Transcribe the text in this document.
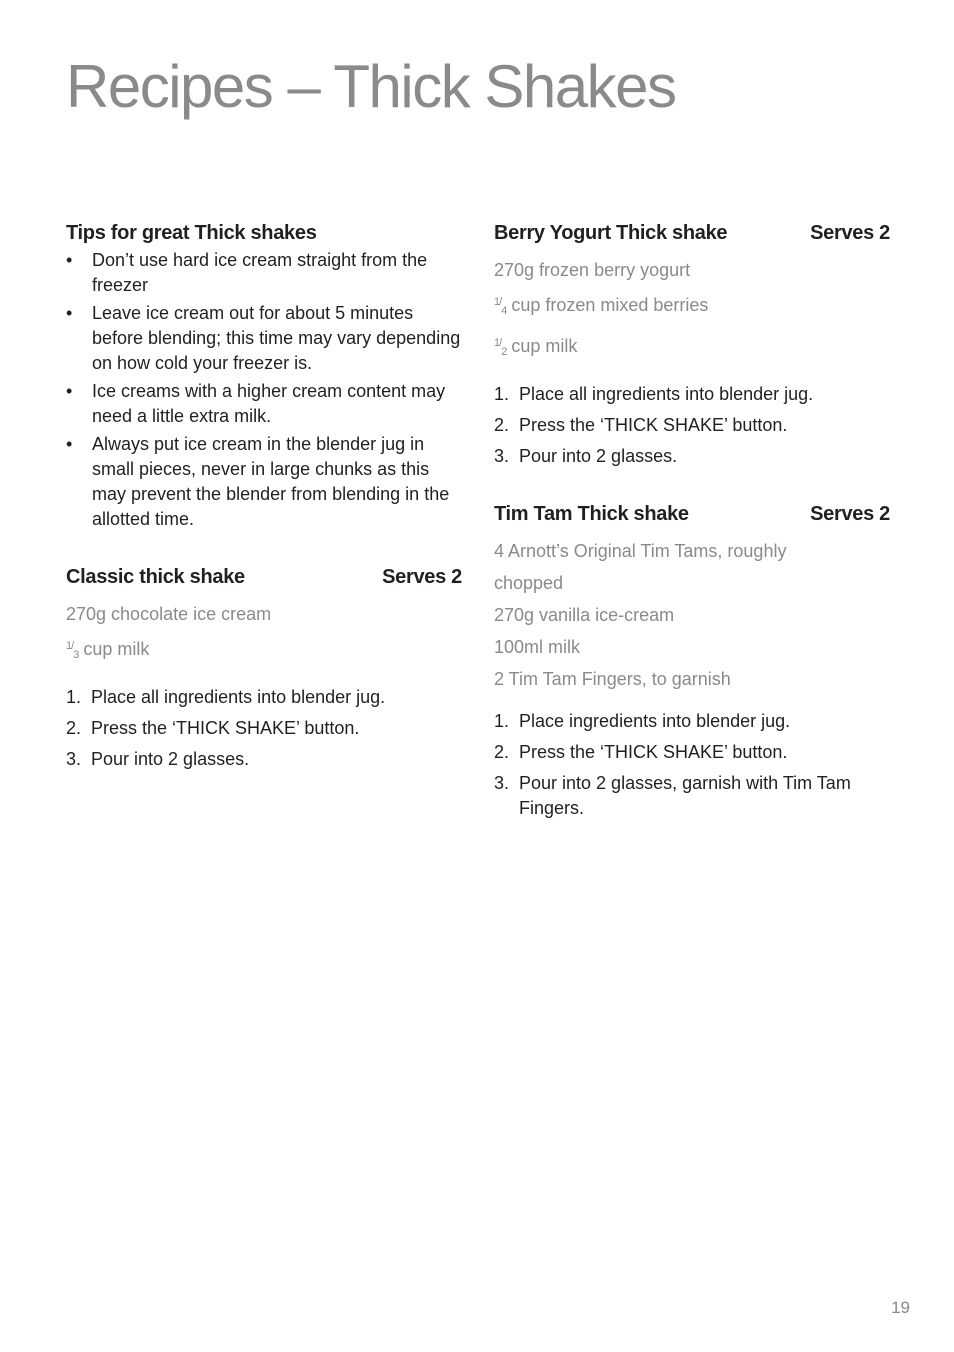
Recipes – Thick Shakes
Tips for great Thick shakes
• Don’t use hard ice cream straight from the freezer
• Leave ice cream out for about 5 minutes before blending; this time may vary depending on how cold your freezer is.
• Ice creams with a higher cream content may need a little extra milk.
• Always put ice cream in the blender jug in small pieces, never in large chunks as this may prevent the blender from blending in the allotted time.
Classic thick shake	Serves 2
270g chocolate ice cream
$^{1/3}$ cup milk
1. Place all ingredients into blender jug.
2. Press the ‘THICK SHAKE’ button.
3. Pour into 2 glasses.
Berry Yogurt Thick shake	Serves 2
270g frozen berry yogurt
$^{1/4}$ cup frozen mixed berries
$^{1/2}$ cup milk
1. Place all ingredients into blender jug.
2. Press the ‘THICK SHAKE’ button.
3. Pour into 2 glasses.
Tim Tam Thick shake	Serves 2
4 Arnott’s Original Tim Tams, roughly
chopped
270g vanilla ice-cream
100ml milk
2 Tim Tam Fingers, to garnish
1. Place ingredients into blender jug.
2. Press the ‘THICK SHAKE’ button.
3. Pour into 2 glasses, garnish with Tim Tam Fingers.
19
